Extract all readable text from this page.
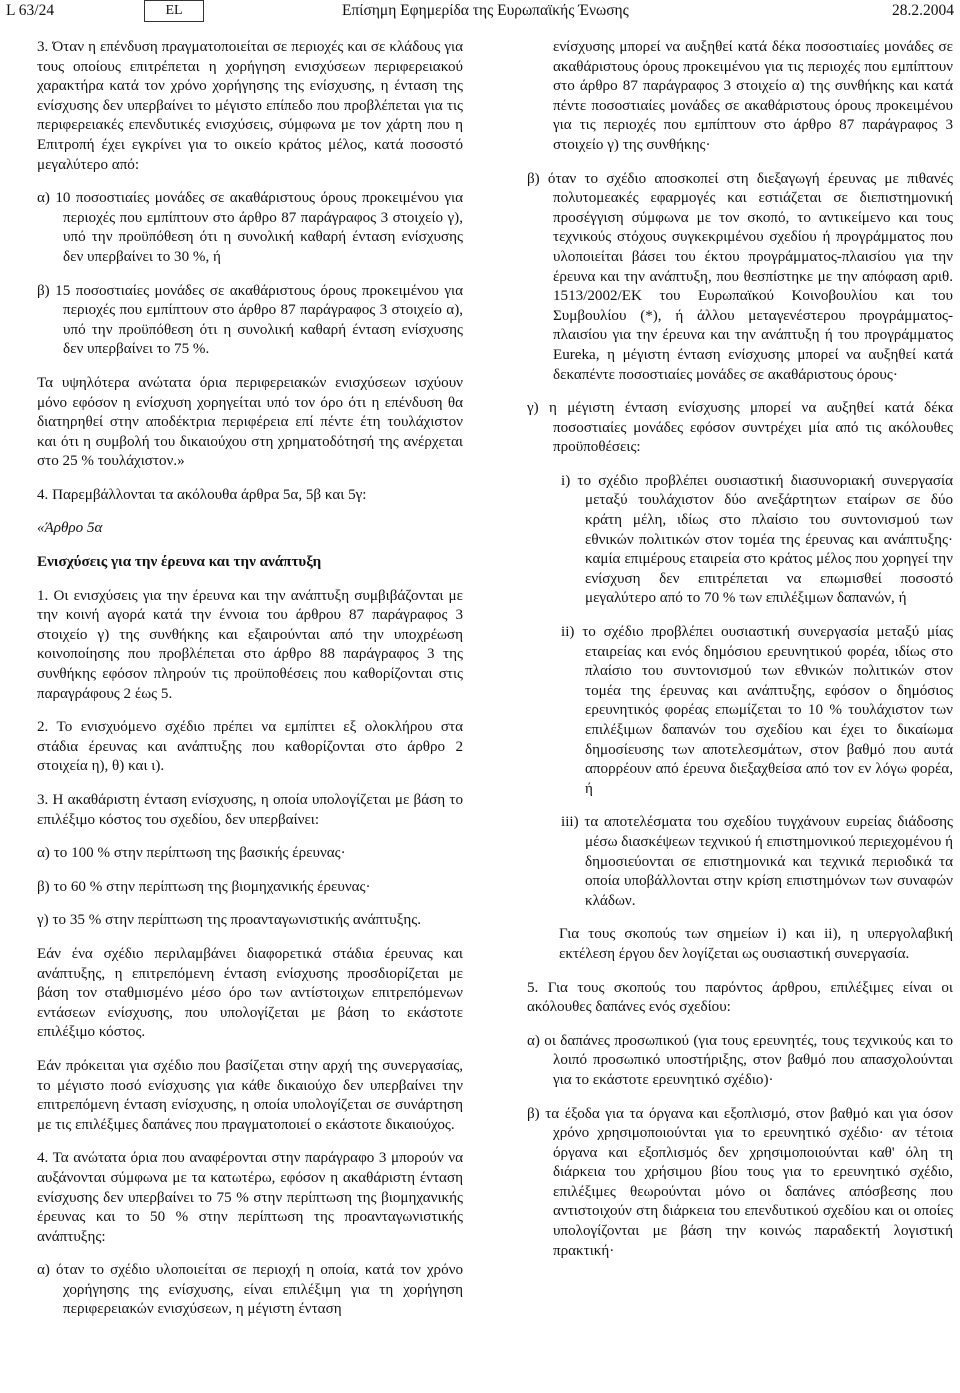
L 63/24	EL	Επίσημη Εφημερίδα της Ευρωπαϊκής Ένωσης	28.2.2004

3. Όταν η επένδυση πραγματοποιείται σε περιοχές και σε κλάδους για τους οποίους επιτρέπεται η χορήγηση ενισχύσεων περιφερειακού χαρακτήρα κατά τον χρόνο χορήγησης της ενίσχυσης, η ένταση της ενίσχυσης δεν υπερβαίνει το μέγιστο επίπεδο που προβλέπεται για τις περιφερειακές επενδυτικές ενισχύσεις, σύμφωνα με τον χάρτη που η Επιτροπή έχει εγκρίνει για το οικείο κράτος μέλος, κατά ποσοστό μεγαλύτερο από:

α) 10 ποσοστιαίες μονάδες σε ακαθάριστους όρους προκειμένου για περιοχές που εμπίπτουν στο άρθρο 87 παράγραφος 3 στοιχείο γ), υπό την προϋπόθεση ότι η συνολική καθαρή ένταση ενίσχυσης δεν υπερβαίνει το 30 %, ή

β) 15 ποσοστιαίες μονάδες σε ακαθάριστους όρους προκειμένου για περιοχές που εμπίπτουν στο άρθρο 87 παράγραφος 3 στοιχείο α), υπό την προϋπόθεση ότι η συνολική καθαρή ένταση ενίσχυσης δεν υπερβαίνει το 75 %.

Τα υψηλότερα ανώτατα όρια περιφερειακών ενισχύσεων ισχύουν μόνο εφόσον η ενίσχυση χορηγείται υπό τον όρο ότι η επένδυση θα διατηρηθεί στην αποδέκτρια περιφέρεια επί πέντε έτη τουλάχιστον και ότι η συμβολή του δικαιούχου στη χρηματοδότησή της ανέρχεται στο 25 % τουλάχιστον.»

4. Παρεμβάλλονται τα ακόλουθα άρθρα 5α, 5β και 5γ:

«Άρθρο 5α

Ενισχύσεις για την έρευνα και την ανάπτυξη

1. Οι ενισχύσεις για την έρευνα και την ανάπτυξη συμβιβάζονται με την κοινή αγορά κατά την έννοια του άρθρου 87 παράγραφος 3 στοιχείο γ) της συνθήκης και εξαιρούνται από την υποχρέωση κοινοποίησης που προβλέπεται στο άρθρο 88 παράγραφος 3 της συνθήκης εφόσον πληρούν τις προϋποθέσεις που καθορίζονται στις παραγράφους 2 έως 5.

2. Το ενισχυόμενο σχέδιο πρέπει να εμπίπτει εξ ολοκλήρου στα στάδια έρευνας και ανάπτυξης που καθορίζονται στο άρθρο 2 στοιχεία η), θ) και ι).

3. Η ακαθάριστη ένταση ενίσχυσης, η οποία υπολογίζεται με βάση το επιλέξιμο κόστος του σχεδίου, δεν υπερβαίνει:

α) το 100 % στην περίπτωση της βασικής έρευνας·

β) το 60 % στην περίπτωση της βιομηχανικής έρευνας·

γ) το 35 % στην περίπτωση της προανταγωνιστικής ανάπτυξης.

Εάν ένα σχέδιο περιλαμβάνει διαφορετικά στάδια έρευνας και ανάπτυξης, η επιτρεπόμενη ένταση ενίσχυσης προσδιορίζεται με βάση τον σταθμισμένο μέσο όρο των αντίστοιχων επιτρεπόμενων εντάσεων ενίσχυσης, που υπολογίζεται με βάση το εκάστοτε επιλέξιμο κόστος.

Εάν πρόκειται για σχέδιο που βασίζεται στην αρχή της συνεργασίας, το μέγιστο ποσό ενίσχυσης για κάθε δικαιούχο δεν υπερβαίνει την επιτρεπόμενη ένταση ενίσχυσης, η οποία υπολογίζεται σε συνάρτηση με τις επιλέξιμες δαπάνες που πραγματοποιεί ο εκάστοτε δικαιούχος.

4. Τα ανώτατα όρια που αναφέρονται στην παράγραφο 3 μπορούν να αυξάνονται σύμφωνα με τα κατωτέρω, εφόσον η ακαθάριστη ένταση ενίσχυσης δεν υπερβαίνει το 75 % στην περίπτωση της βιομηχανικής έρευνας και το 50 % στην περίπτωση της προανταγωνιστικής ανάπτυξης:

α) όταν το σχέδιο υλοποιείται σε περιοχή η οποία, κατά τον χρόνο χορήγησης της ενίσχυσης, είναι επιλέξιμη για τη χορήγηση περιφερειακών ενισχύσεων, η μέγιστη ένταση

ενίσχυσης μπορεί να αυξηθεί κατά δέκα ποσοστιαίες μονάδες σε ακαθάριστους όρους προκειμένου για τις περιοχές που εμπίπτουν στο άρθρο 87 παράγραφος 3 στοιχείο α) της συνθήκης και κατά πέντε ποσοστιαίες μονάδες σε ακαθάριστους όρους προκειμένου για τις περιοχές που εμπίπτουν στο άρθρο 87 παράγραφος 3 στοιχείο γ) της συνθήκης·

β) όταν το σχέδιο αποσκοπεί στη διεξαγωγή έρευνας με πιθανές πολυτομεακές εφαρμογές και εστιάζεται σε διεπιστημονική προσέγγιση σύμφωνα με τον σκοπό, το αντικείμενο και τους τεχνικούς στόχους συγκεκριμένου σχεδίου ή προγράμματος που υλοποιείται βάσει του έκτου προγράμματος-πλαισίου για την έρευνα και την ανάπτυξη, που θεσπίστηκε με την απόφαση αριθ. 1513/2002/ΕΚ του Ευρωπαϊκού Κοινοβουλίου και του Συμβουλίου (*), ή άλλου μεταγενέστερου προγράμματος-πλαισίου για την έρευνα και την ανάπτυξη ή του προγράμματος Eureka, η μέγιστη ένταση ενίσχυσης μπορεί να αυξηθεί κατά δεκαπέντε ποσοστιαίες μονάδες σε ακαθάριστους όρους·

γ) η μέγιστη ένταση ενίσχυσης μπορεί να αυξηθεί κατά δέκα ποσοστιαίες μονάδες εφόσον συντρέχει μία από τις ακόλουθες προϋποθέσεις:

i) το σχέδιο προβλέπει ουσιαστική διασυνοριακή συνεργασία μεταξύ τουλάχιστον δύο ανεξάρτητων εταίρων σε δύο κράτη μέλη, ιδίως στο πλαίσιο του συντονισμού των εθνικών πολιτικών στον τομέα της έρευνας και ανάπτυξης· καμία επιμέρους εταιρεία στο κράτος μέλος που χορηγεί την ενίσχυση δεν επιτρέπεται να επωμισθεί ποσοστό μεγαλύτερο από το 70 % των επιλέξιμων δαπανών, ή

ii) το σχέδιο προβλέπει ουσιαστική συνεργασία μεταξύ μίας εταιρείας και ενός δημόσιου ερευνητικού φορέα, ιδίως στο πλαίσιο του συντονισμού των εθνικών πολιτικών στον τομέα της έρευνας και ανάπτυξης, εφόσον ο δημόσιος ερευνητικός φορέας επωμίζεται το 10 % τουλάχιστον των επιλέξιμων δαπανών του σχεδίου και έχει το δικαίωμα δημοσίευσης των αποτελεσμάτων, στον βαθμό που αυτά απορρέουν από έρευνα διεξαχθείσα από τον εν λόγω φορέα, ή

iii) τα αποτελέσματα του σχεδίου τυγχάνουν ευρείας διάδοσης μέσω διασκέψεων τεχνικού ή επιστημονικού περιεχομένου ή δημοσιεύονται σε επιστημονικά και τεχνικά περιοδικά τα οποία υποβάλλονται στην κρίση επιστημόνων των συναφών κλάδων.

Για τους σκοπούς των σημείων i) και ii), η υπεργολαβική εκτέλεση έργου δεν λογίζεται ως ουσιαστική συνεργασία.

5. Για τους σκοπούς του παρόντος άρθρου, επιλέξιμες είναι οι ακόλουθες δαπάνες ενός σχεδίου:

α) οι δαπάνες προσωπικού (για τους ερευνητές, τους τεχνικούς και το λοιπό προσωπικό υποστήριξης, στον βαθμό που απασχολούνται για το εκάστοτε ερευνητικό σχέδιο)·

β) τα έξοδα για τα όργανα και εξοπλισμό, στον βαθμό και για όσον χρόνο χρησιμοποιούνται για το ερευνητικό σχέδιο· αν τέτοια όργανα και εξοπλισμός δεν χρησιμοποιούνται καθ' όλη τη διάρκεια του χρήσιμου βίου τους για το ερευνητικό σχέδιο, επιλέξιμες θεωρούνται μόνο οι δαπάνες απόσβεσης που αντιστοιχούν στη διάρκεια του επενδυτικού σχεδίου και οι οποίες υπολογίζονται με βάση την κοινώς παραδεκτή λογιστική πρακτική·
